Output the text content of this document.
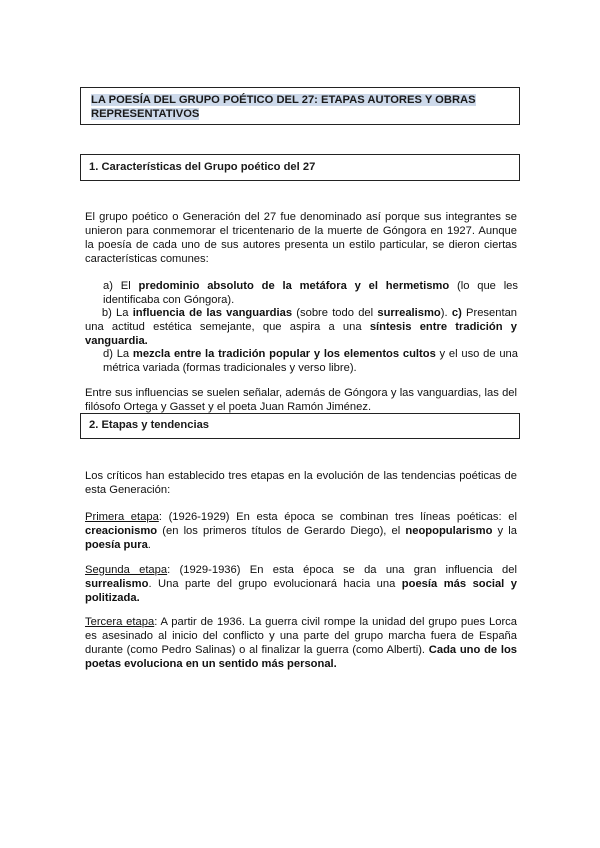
LA POESÍA DEL GRUPO POÉTICO DEL 27: ETAPAS AUTORES Y OBRAS
REPRESENTATIVOS
1. Características del Grupo poético del 27

El grupo poético o Generación del 27 fue denominado así porque sus integrantes se unieron para conmemorar el tricentenario de la muerte de Góngora en 1927. Aunque la poesía de cada uno de sus autores presenta un estilo particular, se dieron ciertas características comunes:

a) El predominio absoluto de la metáfora y el hermetismo (lo que les identificaba con Góngora).

b) La influencia de las vanguardias (sobre todo del surrealismo). c) Presentan una actitud estética semejante, que aspira a una síntesis entre tradición y vanguardia.

d) La mezcla entre la tradición popular y los elementos cultos y el uso de una métrica variada (formas tradicionales y verso libre).

Entre sus influencias se suelen señalar, además de Góngora y las vanguardias, las del filósofo Ortega y Gasset y el poeta Juan Ramón Jiménez.

2. Etapas y tendencias

Los críticos han establecido tres etapas en la evolución de las tendencias poéticas de esta Generación:

Primera etapa: (1926-1929) En esta época se combinan tres líneas poéticas: el creacionismo (en los primeros títulos de Gerardo Diego), el neopopularismo y la poesía pura.

Segunda etapa: (1929-1936) En esta época se da una gran influencia del surrealismo. Una parte del grupo evolucionará hacia una poesía más social y politizada.

Tercera etapa: A partir de 1936. La guerra civil rompe la unidad del grupo pues Lorca es asesinado al inicio del conflicto y una parte del grupo marcha fuera de España durante (como Pedro Salinas) o al finalizar la guerra (como Alberti). Cada uno de los poetas evoluciona en un sentido más personal.
